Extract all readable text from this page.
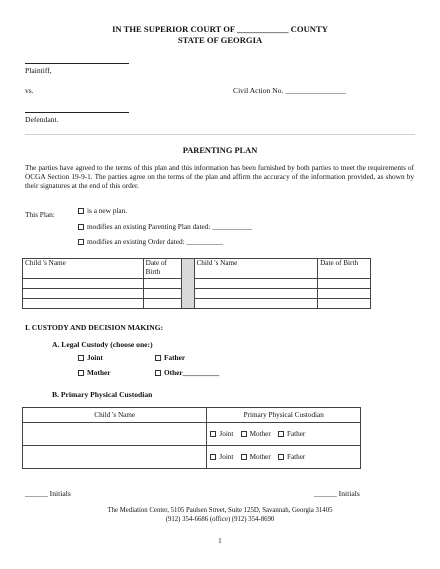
IN THE SUPERIOR COURT OF ____________ COUNTY
STATE OF GEORGIA
Plaintiff,
vs.	Civil Action No. ________________
Defendant.
PARENTING PLAN
The parties have agreed to the terms of this plan and this information has been furnished by both parties to meet the requirements of OCGA Section 19-9-1. The parties agree on the terms of the plan and affirm the accuracy of the information provided, as shown by their signatures at the end of this order.
This Plan:	is a new plan.
modifies an existing Parenting Plan dated: ___________
modifies an existing Order dated: __________
Child 's Name	Date of Birth		Child 's Name	Date of Birth

I. CUSTODY AND DECISION MAKING:
A. Legal Custody (choose one:)
Joint	Father
Mother	Other__________
B. Primary Physical Custodian
Child 's Name	Primary Physical Custodian
	Joint Mother Father
	Joint Mother Father
______ Initials	______ Initials
The Mediation Center, 5105 Paulsen Street, Suite 125D, Savannah, Georgia 31405
(912) 354-6686 (office) (912) 354-8690
1
